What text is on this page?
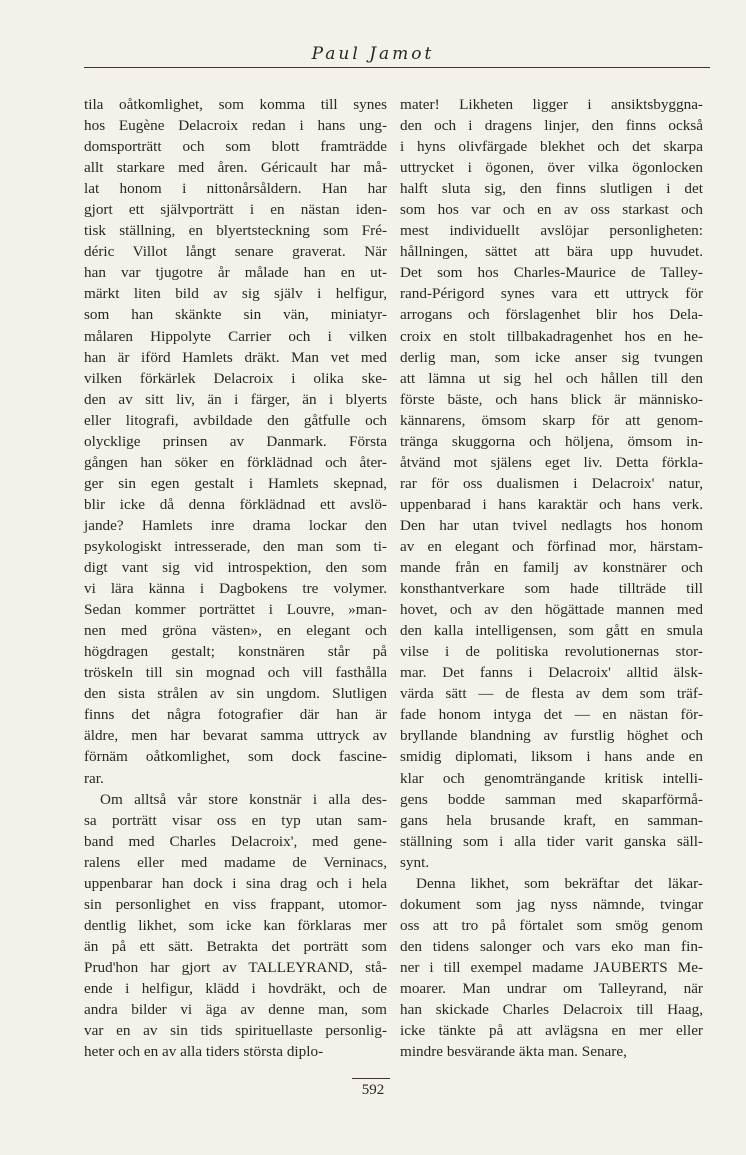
Paul Jamot
tila oåtkomlighet, som komma till synes
hos Eugène Delacroix redan i hans ung-
domsporträtt och som blott framträdde
allt starkare med åren. Géricault har må-
lat honom i nittonårsåldern. Han har
gjort ett självporträtt i en nästan iden-
tisk ställning, en blyertsteckning som Fré-
déric Villot långt senare graverat. När
han var tjugotre år målade han en ut-
märkt liten bild av sig själv i helfigur,
som han skänkte sin vän, miniatyr-
målaren Hippolyte Carrier och i vilken
han är iförd Hamlets dräkt. Man vet med
vilken förkärlek Delacroix i olika ske-
den av sitt liv, än i färger, än i blyerts
eller litografi, avbildade den gåtfulle och
olycklige prinsen av Danmark. Första
gången han söker en förklädnad och åter-
ger sin egen gestalt i Hamlets skepnad,
blir icke då denna förklädnad ett avslö-
jande? Hamlets inre drama lockar den
psykologiskt intresserade, den man som ti-
digt vant sig vid introspektion, den som
vi lära känna i Dagbokens tre volymer.
Sedan kommer porträttet i Louvre, »man-
nen med gröna västen», en elegant och
högdragen gestalt; konstnären står på
tröskeln till sin mognad och vill fasthålla
den sista strålen av sin ungdom. Slutligen
finns det några fotografier där han är
äldre, men har bevarat samma uttryck av
förnäm oåtkomlighet, som dock fascine-
rar.
Om alltså vår store konstnär i alla des-
sa porträtt visar oss en typ utan sam-
band med Charles Delacroix', med gene-
ralens eller med madame de Verninacs,
uppenbarar han dock i sina drag och i hela
sin personlighet en viss frappant, utomor-
dentlig likhet, som icke kan förklaras mer
än på ett sätt. Betrakta det porträtt som
Prud'hon har gjort av TALLEYRAND, stå-
ende i helfigur, klädd i hovdräkt, och de
andra bilder vi äga av denne man, som
var en av sin tids spirituellaste personlig-
heter och en av alla tiders största diplo-
mater! Likheten ligger i ansiktsbyggna-
den och i dragens linjer, den finns också
i hyns olivfärgade blekhet och det skarpa
uttrycket i ögonen, över vilka ögonlocken
halft sluta sig, den finns slutligen i det
som hos var och en av oss starkast och
mest individuellt avslöjar personligheten:
hållningen, sättet att bära upp huvudet.
Det som hos Charles-Maurice de Talley-
rand-Périgord synes vara ett uttryck för
arrogans och förslagenhet blir hos Dela-
croix en stolt tillbakadragenhet hos en he-
derlig man, som icke anser sig tvungen
att lämna ut sig hel och hållen till den
förste bäste, och hans blick är människo-
kännarens, ömsom skarp för att genom-
tränga skuggorna och höljena, ömsom in-
åtvänd mot själens eget liv. Detta förkla-
rar för oss dualismen i Delacroix' natur,
uppenbarad i hans karaktär och hans verk.
Den har utan tvivel nedlagts hos honom
av en elegant och förfinad mor, härstam-
mande från en familj av konstnärer och
konsthantverkare som hade tillträde till
hovet, och av den högättade mannen med
den kalla intelligensen, som gått en smula
vilse i de politiska revolutionernas stor-
mar. Det fanns i Delacroix' alltid älsk-
värda sätt — de flesta av dem som träf-
fade honom intyga det — en nästan för-
bryllande blandning av furstlig höghet och
smidig diplomati, liksom i hans ande en
klar och genomträngande kritisk intelli-
gens bodde samman med skaparförmå-
gans hela brusande kraft, en samman-
ställning som i alla tider varit ganska säll-
synt.
Denna likhet, som bekräftar det läkar-
dokument som jag nyss nämnde, tvingar
oss att tro på förtalet som smög genom
den tidens salonger och vars eko man fin-
ner i till exempel madame JAUBERTS Me-
moarer. Man undrar om Talleyrand, när
han skickade Charles Delacroix till Haag,
icke tänkte på att avlägsna en mer eller
mindre besvärande äkta man. Senare,
592
